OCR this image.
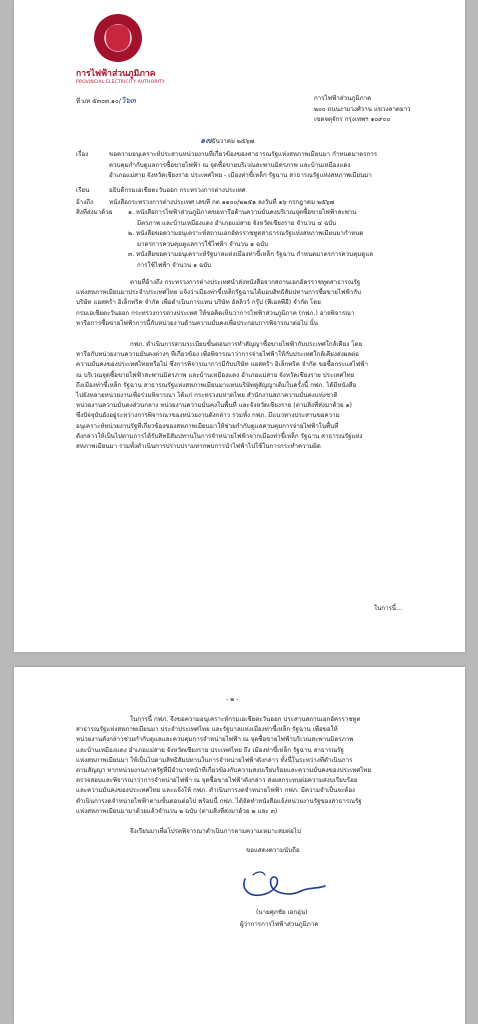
การไฟฟ้าส่วนภูมิภาค
PROVINCIAL ELECTRICITY AUTHORITY
ที่ มท ๕๓๐๓.๑๐/วิ๖๓	การไฟฟ้าส่วนภูมิภาค
๒๐๐ ถนนงามวงศ์วาน แขวงลาดยาว
เขตจตุจักร กรุงเทพฯ ๑๐๙๐๐
๑๗ธันวาคม ๒๕๖๗
เรื่อง	ขอความอนุเคราะห์ประสานหน่วยงานที่เกี่ยวข้องของสาธารณรัฐแห่งสหภาพเมียนมา กำหนดมาตรการ
ควบคุมกำกับดูแลการซื้อขายไฟฟ้า ณ จุดซื้อขายบริเวณสะพานมิตรภาพ และบ้านเหมืองแดง
อำเภอแม่สาย จังหวัดเชียงราย ประเทศไทย - เมืองท่าขี้เหล็ก รัฐฉาน สาธารณรัฐแห่งสหภาพเมียนมา
เรียน	อธิบดีกรมเอเชียตะวันออก กระทรวงการต่างประเทศ
อ้างถึง	หนังสือกระทรวงการต่างประเทศ เลขที่ กต ๑๑๐๐/๒๒๕๑ ลงวันที่ ๑๖ กรกฎาคม ๒๕๖๗
สิ่งที่ส่งมาด้วย	๑. หนังสือการไฟฟ้าส่วนภูมิภาคขอหารือด้านความมั่นคงบริเวณจุดซื้อขายไฟฟ้าสะพาน
มิตรภาพ และบ้านเหมืองแดง อำเภอแม่สาย จังหวัดเชียงราย จำนวน ๔ ฉบับ
๒. หนังสือขอความอนุเคราะห์สถานเอกอัครราชทูตสาธารณรัฐแห่งสหภาพเมียนมากำหนด
มาตรการควบคุมดูแลการใช้ไฟฟ้า จำนวน ๑ ฉบับ
๓. หนังสือขอความอนุเคราะห์รัฐบาลแห่งเมืองท่าขี้เหล็ก รัฐฉาน กำหนดมาตรการควบคุมดูแล
การใช้ไฟฟ้า จำนวน ๑ ฉบับ
ตามที่อ้างถึง กระทรวงการต่างประเทศนำส่งหนังสือจากสถานเอกอัครราชทูตสาธารณรัฐ
แห่งสหภาพเมียนมาประจำประเทศไทย แจ้งว่าเมืองท่าขี้เหล็กรัฐฉานได้มอบสิทธิสัมปทานการซื้อขายไฟฟ้ากับ
บริษัท แอสคร้า อิเล็กทริค จำกัด เพื่อดำเนินการแทน บริษัท อัลลิวว์ กรุ๊ป (พีเอลพีอี) จำกัด โดย
กรมเอเชียตะวันออก กระทรวงการต่างประเทศ ให้ขอคิดเห็นว่าการไฟฟ้าส่วนภูมิภาค (กฟภ.) อาจพิจารณา
หารือการซื้อขายไฟฟ้าการนี้กับหน่วยงานด้านความมั่นคงเพื่อประกอบการพิจารณาต่อไป นั้น
กฟภ. ดำเนินการตามระเบียบขั้นตอนการทำสัญญาซื้อขายไฟฟ้ากับประเทศใกล้เคียง โดย
หารือกับหน่วยงานความมั่นคงต่างๆ ที่เกี่ยวข้อง เพื่อพิจารณาว่าการจ่ายไฟฟ้าให้กับประเทศใกล้เคียงส่งผลต่อ
ความมั่นคงของประเทศไทยหรือไม่ ซึ่งการพิจารณาการมีกับบริษัท แอสคร้า อิเล็กทริค จำกัด ขอซื้อกระแสไฟฟ้า
ณ บริเวณจุดซื้อขายไฟฟ้าสะพานมิตรภาพ และบ้านเหมืองแดง อำเภอแม่สาย จังหวัดเชียงราย ประเทศไทย
ถึงเมืองท่าขี้เหล็ก รัฐฉาน สาธารณรัฐแห่งสหภาพเมียนมาแทนบริษัทคู่สัญญาเดิมในครั้งนี้ กฟภ. ได้มีหนังสือ
ไปยังหลายหน่วยงานเพื่อร่วมพิจารณา ได้แก่ กระทรวงมหาดไทย สำนักงานสภาความมั่นคงแห่งชาติ
หน่วยงานความมั่นคงส่วนกลาง หน่วยงานความมั่นคงในพื้นที่ และจังหวัดเชียงราย (ตามสิ่งที่ส่งมาด้วย ๑)
ซึ่งปัจจุบันยังอยู่ระหว่างการพิจารณาของหน่วยงานดังกล่าว รวมทั้ง กฟภ. มีแนวทางประสานขอความ
อนุเคราะห์หน่วยงานรัฐที่เกี่ยวข้องของสหภาพเมียนมาให้ช่วยกำกับดูแลควบคุมการจ่ายไฟฟ้าในพื้นที่
ดังกล่าวให้เป็นไปตามการได้รับสิทธิสัมปทานในการจำหน่ายไฟฟ้าจากเมืองท่าขี้เหล็ก รัฐฉาน สาธารณรัฐแห่ง
สหภาพเมียนมา รวมทั้งดำเนินการปราบปรามหากพบการนำไฟฟ้าไปใช้ในการกระทำความผิด
ในการนี้...
- ๒ -
ในการนี้ กฟภ. จึงขอความอนุเคราะห์กรมเอเชียตะวันออก ประสานสถานเอกอัครราชทูต
สาธารณรัฐแห่งสหภาพเมียนมา ประจำประเทศไทย และรัฐบาลแห่งเมืองท่าขี้เหล็ก รัฐฉาน เพื่อขอให้
หน่วยงานดังกล่าวช่วยกำกับดูแลและควบคุมการจำหน่ายไฟฟ้า ณ จุดซื้อขายไฟฟ้าบริเวณสะพานมิตรภาพ
และบ้านเหมืองแดง อำเภอแม่สาย จังหวัดเชียงราย ประเทศไทย ถึง เมืองท่าขี้เหล็ก รัฐฉาน สาธารณรัฐ
แห่งสหภาพเมียนมา ให้เป็นไปตามสิทธิสัมปทานในการจำหน่ายไฟฟ้าดังกล่าว ทั้งนี้ในระหว่างที่ดำเนินการ
ตามสัญญา หากหน่วยงานภาครัฐที่มีอำนาจหน้าที่เกี่ยวข้องกับความสงบเรียบร้อยและความมั่นคงของประเทศไทย
ตรวจสอบและพิจารณาว่าการจำหน่ายไฟฟ้า ณ จุดซื้อขายไฟฟ้าดังกล่าว ส่งผลกระทบต่อความสงบเรียบร้อย
และความมั่นคงของประเทศไทย และแจ้งให้ กฟภ. ดำเนินการงดจำหน่ายไฟฟ้า กฟภ. มีความจำเป็นจะต้อง
ดำเนินการงดจำหน่ายไฟฟ้าตามขั้นตอนต่อไป พร้อมนี้ กฟภ. ได้จัดทำหนังสือแจ้งหน่วยงานรัฐของสาธารณรัฐ
แห่งสหภาพเมียนมามาด้วยแล้วจำนวน ๒ ฉบับ (ตามสิ่งที่ส่งมาด้วย ๒ และ ๓)
จึงเรียนมาเพื่อโปรดพิจารณาดำเนินการตามความเหมาะสมต่อไป
ขอแสดงความนับถือ
(นายศุภชัย เอกอุ่น)
ผู้ว่าการการไฟฟ้าส่วนภูมิภาค
